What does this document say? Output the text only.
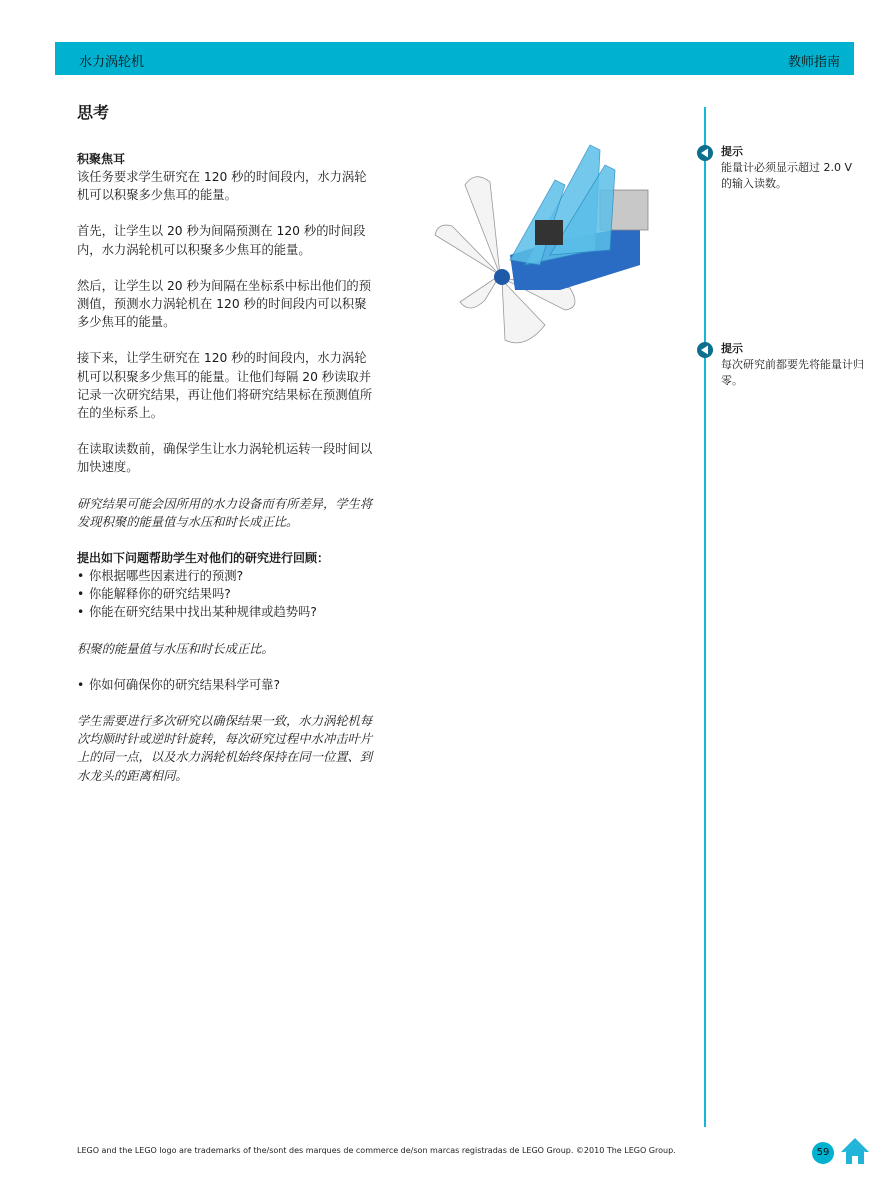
水力涡轮机	教师指南
思考
积聚焦耳

该任务要求学生研究在 120 秒的时间段内，水力涡轮机可以积聚多少焦耳的能量。

首先，让学生以 20 秒为间隔预测在 120 秒的时间段内，水力涡轮机可以积聚多少焦耳的能量。

然后，让学生以 20 秒为间隔在坐标系中标出他们的预测值，预测水力涡轮机在 120 秒的时间段内可以积聚多少焦耳的能量。

接下来，让学生研究在 120 秒的时间段内，水力涡轮机可以积聚多少焦耳的能量。让他们每隔 20 秒读取并记录一次研究结果，再让他们将研究结果标在预测值所在的坐标系上。

在读取读数前，确保学生让水力涡轮机运转一段时间以加快速度。

研究结果可能会因所用的水力设备而有所差异，学生将发现积聚的能量值与水压和时长成正比。

提出如下问题帮助学生对他们的研究进行回顾：
• 你根据哪些因素进行的预测?
• 你能解释你的研究结果吗?
• 你能在研究结果中找出某种规律或趋势吗?

积聚的能量值与水压和时长成正比。

• 你如何确保你的研究结果科学可靠?

学生需要进行多次研究以确保结果一致，水力涡轮机每次均顺时针或逆时针旋转，每次研究过程中水冲击叶片上的同一点，以及水力涡轮机始终保持在同一位置、到水龙头的距离相同。

提示
能量计必须显示超过 2.0 V 的输入读数。
提示
每次研究前都要先将能量计归零。
LEGO and the LEGO logo are trademarks of the/sont des marques de commerce de/son marcas registradas de LEGO Group. ©2010 The LEGO Group.	59
